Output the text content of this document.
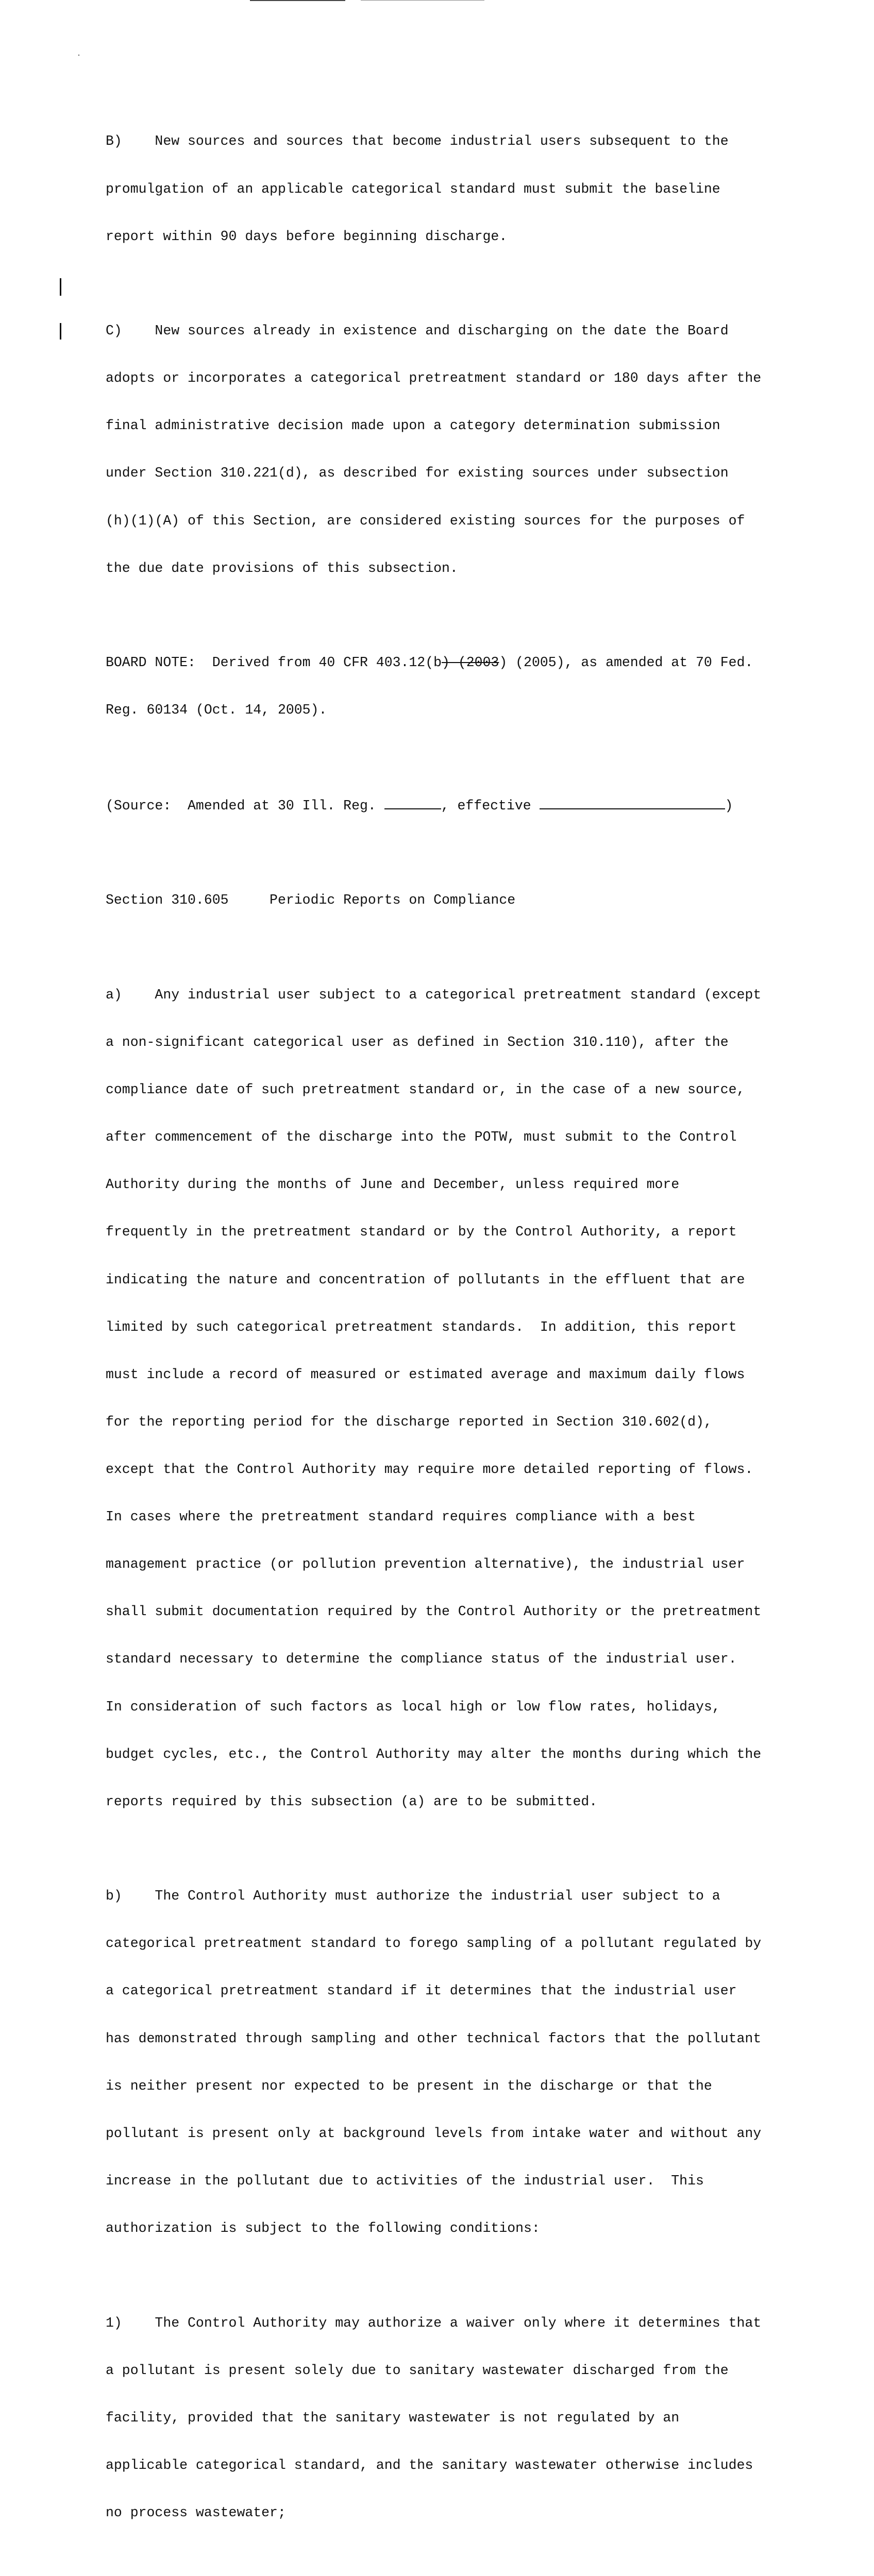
B)    New sources and sources that become industrial users subsequent to the

promulgation of an applicable categorical standard must submit the baseline

report within 90 days before beginning discharge.

C)    New sources already in existence and discharging on the date the Board

adopts or incorporates a categorical pretreatment standard or 180 days after the

final administrative decision made upon a category determination submission

under Section 310.221(d), as described for existing sources under subsection

(h)(1)(A) of this Section, are considered existing sources for the purposes of

the due date provisions of this subsection.

BOARD NOTE:  Derived from 40 CFR 403.12(b) (2003) (2005), as amended at 70 Fed.

Reg. 60134 (Oct. 14, 2005).

(Source:  Amended at 30 Ill. Reg.	, effective	)

Section 310.605     Periodic Reports on Compliance

a)    Any industrial user subject to a categorical pretreatment standard (except

a non-significant categorical user as defined in Section 310.110), after the

compliance date of such pretreatment standard or, in the case of a new source,

after commencement of the discharge into the POTW, must submit to the Control

Authority during the months of June and December, unless required more

frequently in the pretreatment standard or by the Control Authority, a report

indicating the nature and concentration of pollutants in the effluent that are

limited by such categorical pretreatment standards.  In addition, this report

must include a record of measured or estimated average and maximum daily flows

for the reporting period for the discharge reported in Section 310.602(d),

except that the Control Authority may require more detailed reporting of flows.

In cases where the pretreatment standard requires compliance with a best

management practice (or pollution prevention alternative), the industrial user

shall submit documentation required by the Control Authority or the pretreatment

standard necessary to determine the compliance status of the industrial user.

In consideration of such factors as local high or low flow rates, holidays,

budget cycles, etc., the Control Authority may alter the months during which the

reports required by this subsection (a) are to be submitted.

b)    The Control Authority must authorize the industrial user subject to a

categorical pretreatment standard to forego sampling of a pollutant regulated by

a categorical pretreatment standard if it determines that the industrial user

has demonstrated through sampling and other technical factors that the pollutant

is neither present nor expected to be present in the discharge or that the

pollutant is present only at background levels from intake water and without any

increase in the pollutant due to activities of the industrial user.  This

authorization is subject to the following conditions:

1)    The Control Authority may authorize a waiver only where it determines that

a pollutant is present solely due to sanitary wastewater discharged from the

facility, provided that the sanitary wastewater is not regulated by an

applicable categorical standard, and the sanitary wastewater otherwise includes

no process wastewater;
